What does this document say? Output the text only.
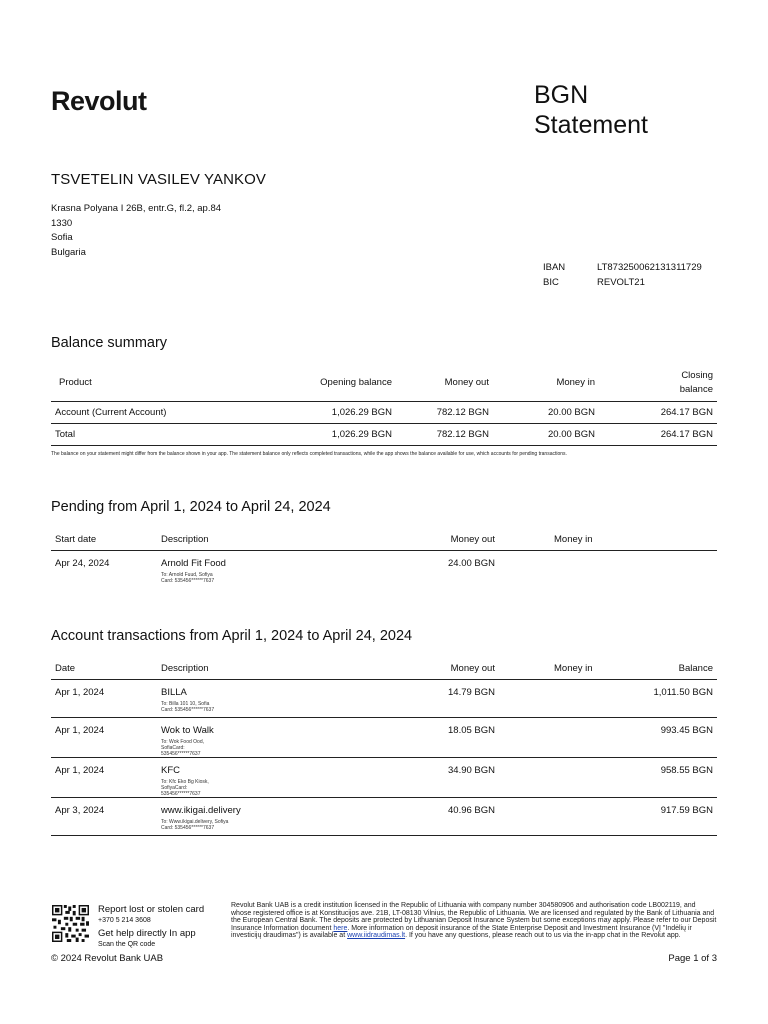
Revolut	BGN
Statement
TSVETELIN VASILEV YANKOV
Krasna Polyana I 26B, entr.G, fl.2, ap.84
1330
Sofia
Bulgaria
IBAN	LT873250062131311729
BIC	REVOLT21
Balance summary
Product	Opening balance	Money out	Money in	Closing
balance

Account (Current Account)	1,026.29 BGN	782.12 BGN	20.00 BGN	264.17 BGN
Total	1,026.29 BGN	782.12 BGN	20.00 BGN	264.17 BGN
The balance on your statement might differ from the balance shown in your app. The statement balance only reflects completed transactions, while the app shows the balance available for use, which accounts for pending transactions.
Pending from April 1, 2024 to April 24, 2024
Start date	Description	Money out	Money in
Apr 24, 2024	Arnold Fit Food
To: Arnold Fuud, Sofiya
Card: 535456******7637	24.00 BGN	
Account transactions from April 1, 2024 to April 24, 2024
Date	Description	Money out	Money in	Balance
Apr 1, 2024	BILLA
To: Billa 101 10, Sofia
Card: 535456******7637	14.79 BGN		1,011.50 BGN
Apr 1, 2024	Wok to Walk
To: Wok Food Ood,
SofiaCard:
535456******7637	18.05 BGN		993.45 BGN
Apr 1, 2024	KFC
To: Kfc Eko Bg Kiosk,
SofiyaCard:
535456******7637	34.90 BGN		958.55 BGN
Apr 3, 2024	www.ikigai.delivery
To: Www.ikigai.delivery, Sofiya
Card: 535456******7637	40.96 BGN		917.59 BGN
Report lost or stolen card
+370 5 214 3608
Get help directly In app
Scan the QR code
Revolut Bank UAB is a credit institution licensed in the Republic of Lithuania with company number 304580906 and authorisation code LB002119, and whose registered office is at Konstitucijos ave. 21B, LT-08130 Vilnius, the Republic of Lithuania. We are licensed and regulated by the Bank of Lithuania and the European Central Bank. The deposits are protected by Lithuanian Deposit Insurance System but some exceptions may apply. Please refer to our Deposit Insurance Information document here. More information on deposit insurance of the State Enterprise Deposit and Investment Insurance (VĮ "Indėlių ir investicijų draudimas") is available at www.iidraudimas.lt. If you have any questions, please reach out to us via the in-app chat in the Revolut app.
© 2024 Revolut Bank UAB	Page 1 of 3
